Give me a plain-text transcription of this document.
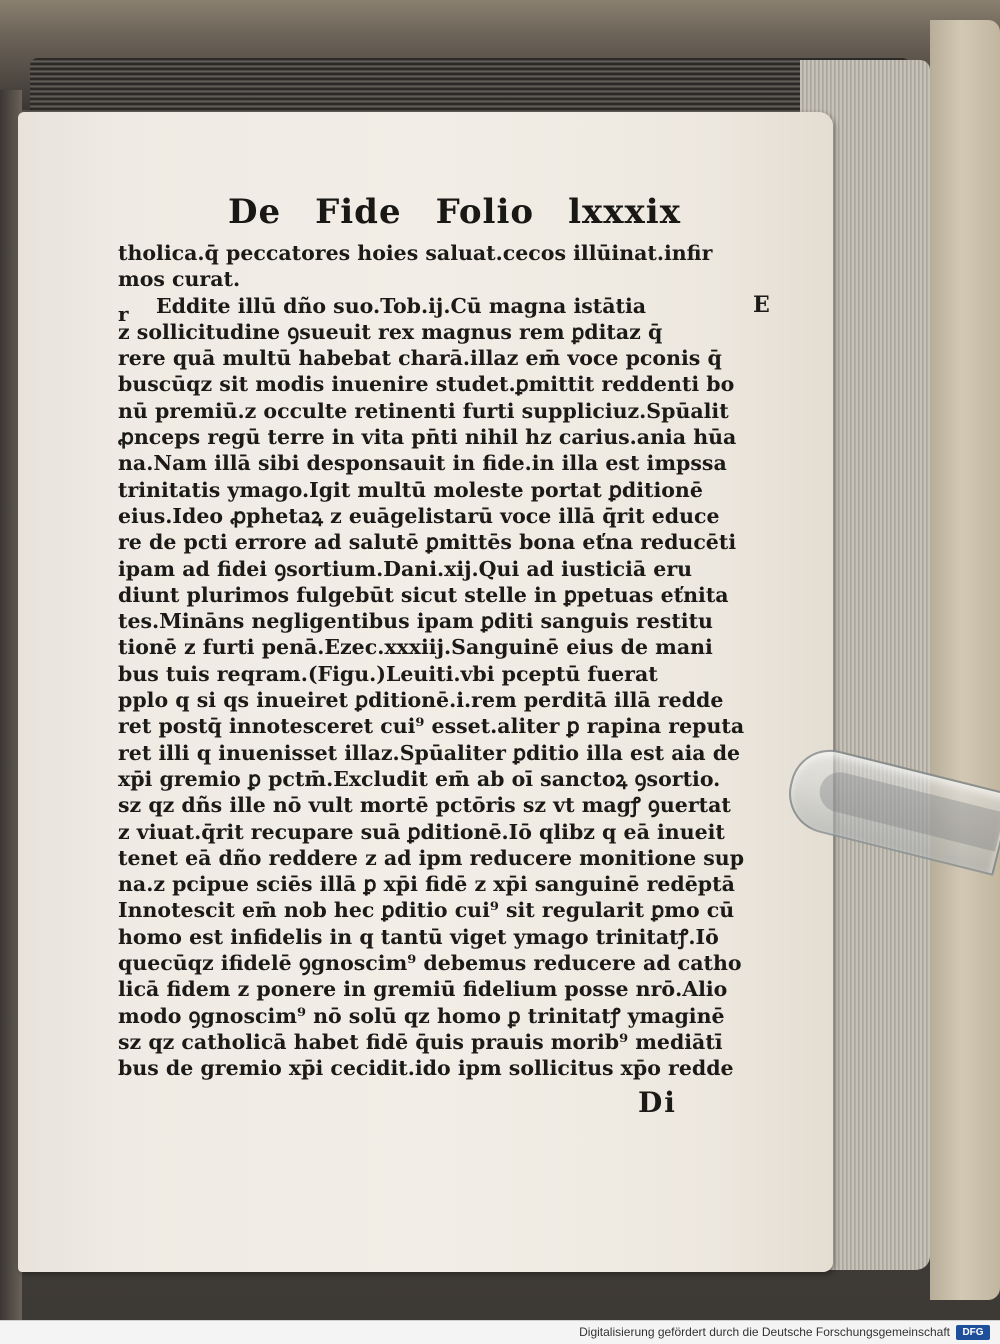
De Fide Folio lxxxix
E
r
tholica.q̄ peccatores hoies saluat.cecos illūinat.infir
mos curat.
Eddite illū dño suo.Tob.ij.Cū magna istātia
z sollicitudine ꝯsueuit rex magnus rem ꝑditaz q̄
rere quā multū habebat charā.illaz em̄ voce pconis q̄
buscūqz sit modis inuenire studet.ꝑmittit reddenti bo
nū premiū.z occulte retinenti furti suppliciuz.Spūalit
ꝓnceps regū terre in vita pn̄ti nihil hz carius.ania hūa
na.Nam illā sibi desponsauit in fide.in illa est impssa
trinitatis ymago.Igit multū moleste portat ꝑditionē
eius.Ideo ꝓphetaꝝ z euāgelistarū voce illā q̄rit educe
re de pcti errore ad salutē ꝑmittēs bona eťna reducēti
ipam ad fidei ꝯsortium.Dani.xij.Qui ad iusticiā eru
diunt plurimos fulgebūt sicut stelle in ꝑpetuas eťnita
tes.Mināns negligentibus ipam ꝑditi sanguis restitu
tionē z furti penā.Ezec.xxxiij.Sanguinē eius de mani
bus tuis reqram.(Figu.)Leuiti.vbi pceptū fuerat
pplo q si qs inueiret ꝑditionē.i.rem perditā illā redde
ret postq̄ innotesceret cui⁹ esset.aliter ꝑ rapina reputa
ret illi q inuenisset illaz.Spūaliter ꝑditio illa est aia de
xp̄i gremio ꝑ pctm̄.Excludit em̄ ab oī sanctoꝝ ꝯsortio.
sz qz dñs ille nō vult mortē pctōris sz vt magꝭ ꝯuertat
z viuat.q̄rit recupare suā ꝑditionē.Iō qlibz q eā inueit
tenet eā dño reddere z ad ipm reducere monitione sup
na.z pcipue sciēs illā ꝑ xp̄i fidē z xp̄i sanguinē redēptā
Innotescit em̄ nob hec ꝑditio cui⁹ sit regularit ꝑmo cū
homo est infidelis in q tantū viget ymago trinitatꝭ.Iō
quecūqz ifidelē ꝯgnoscim⁹ debemus reducere ad catho
licā fidem z ponere in gremiū fidelium posse nrō.Alio
modo ꝯgnoscim⁹ nō solū qz homo ꝑ trinitatꝭ ymaginē
sz qz catholicā habet fidē q̄uis prauis morib⁹ mediātī
bus de gremio xp̄i cecidit.ido ipm sollicitus xp̄o redde
Di
Digitalisierung gefördert durch die Deutsche Forschungsgemeinschaft	DFG
